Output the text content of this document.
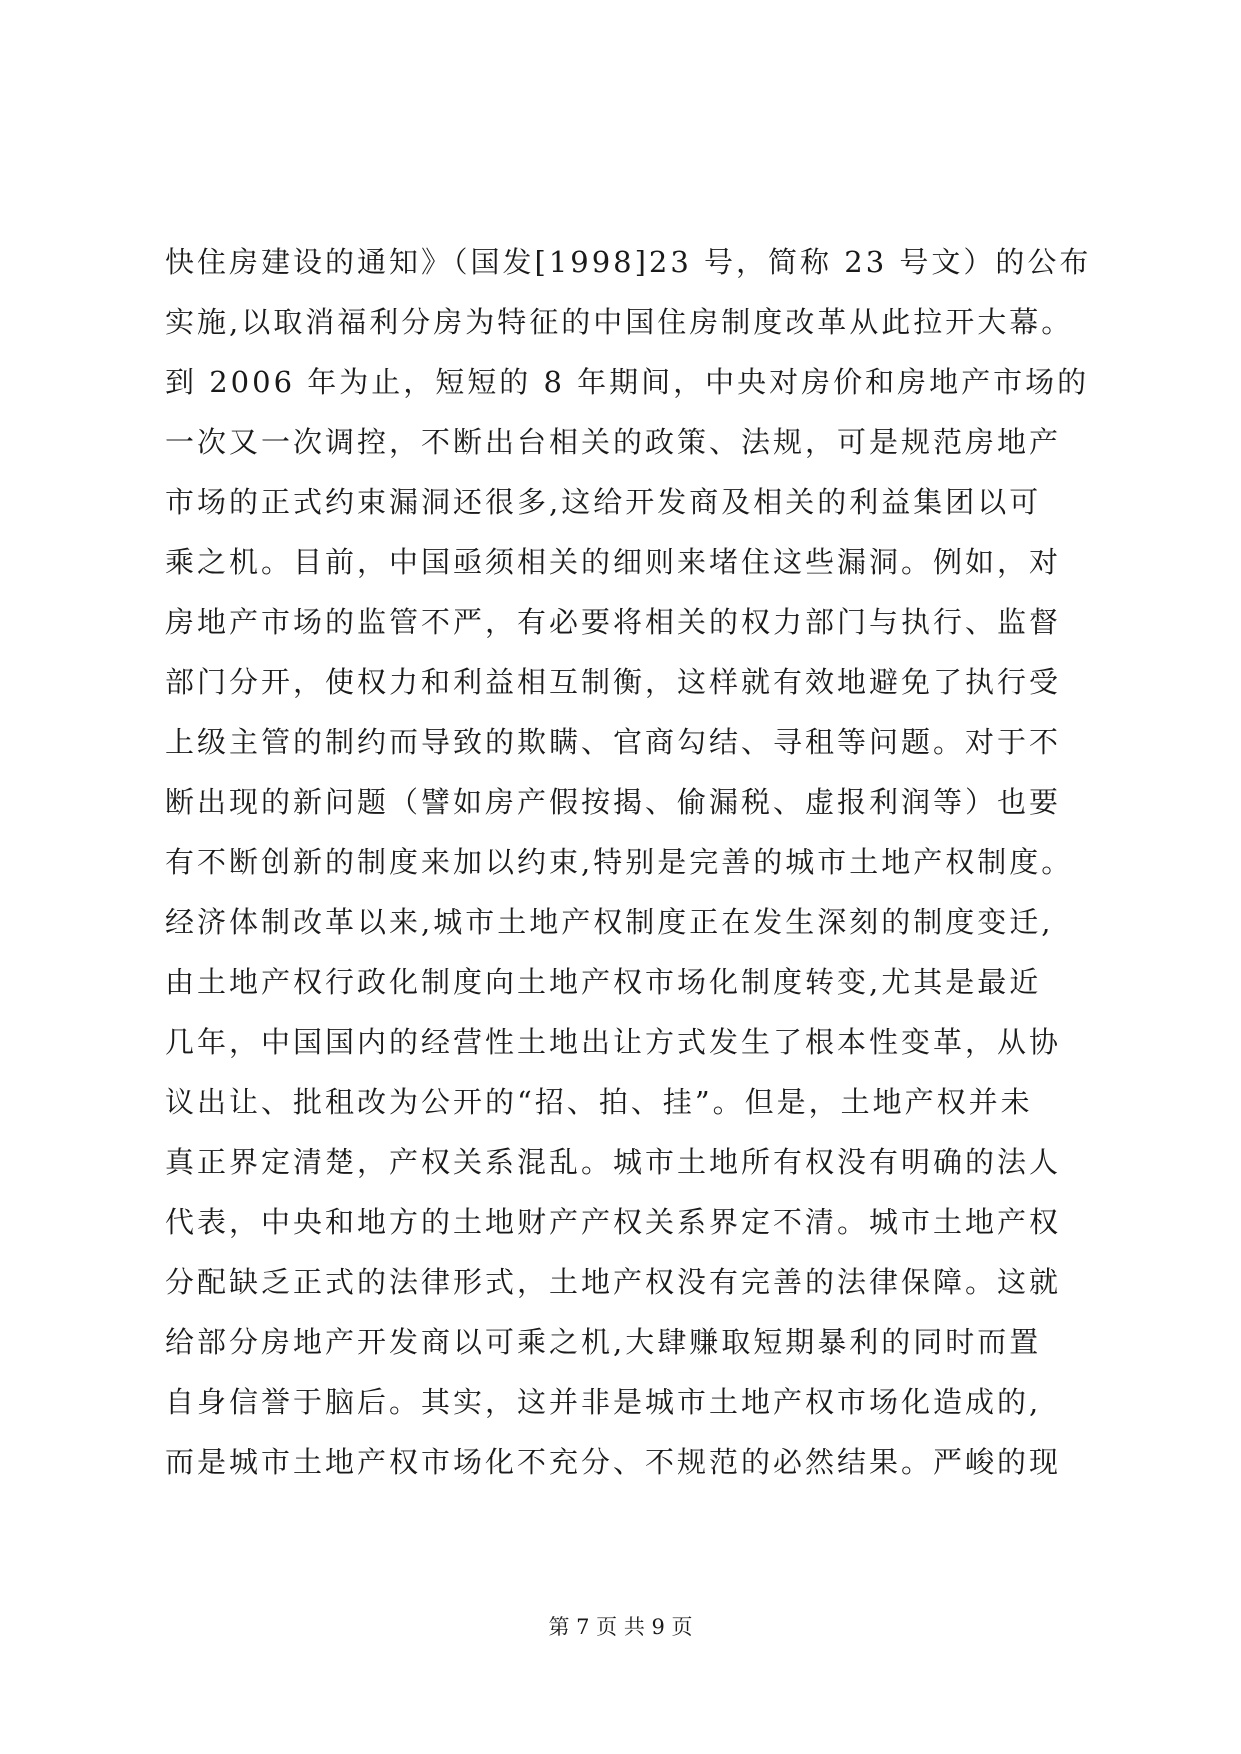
快住房建设的通知》（国发[1998]23 号，简称 23 号文）的公布
实施,以取消福利分房为特征的中国住房制度改革从此拉开大幕。
到 2006 年为止，短短的 8 年期间，中央对房价和房地产市场的
一次又一次调控，不断出台相关的政策、法规，可是规范房地产
市场的正式约束漏洞还很多,这给开发商及相关的利益集团以可
乘之机。目前，中国亟须相关的细则来堵住这些漏洞。例如，对
房地产市场的监管不严，有必要将相关的权力部门与执行、监督
部门分开，使权力和利益相互制衡，这样就有效地避免了执行受
上级主管的制约而导致的欺瞒、官商勾结、寻租等问题。对于不
断出现的新问题（譬如房产假按揭、偷漏税、虚报利润等）也要
有不断创新的制度来加以约束,特别是完善的城市土地产权制度。
经济体制改革以来,城市土地产权制度正在发生深刻的制度变迁,
由土地产权行政化制度向土地产权市场化制度转变,尤其是最近
几年，中国国内的经营性土地出让方式发生了根本性变革，从协
议出让、批租改为公开的“招、拍、挂”。但是，土地产权并未
真正界定清楚，产权关系混乱。城市土地所有权没有明确的法人
代表，中央和地方的土地财产产权关系界定不清。城市土地产权
分配缺乏正式的法律形式，土地产权没有完善的法律保障。这就
给部分房地产开发商以可乘之机,大肆赚取短期暴利的同时而置
自身信誉于脑后。其实，这并非是城市土地产权市场化造成的,
而是城市土地产权市场化不充分、不规范的必然结果。严峻的现
第 7 页 共 9 页
